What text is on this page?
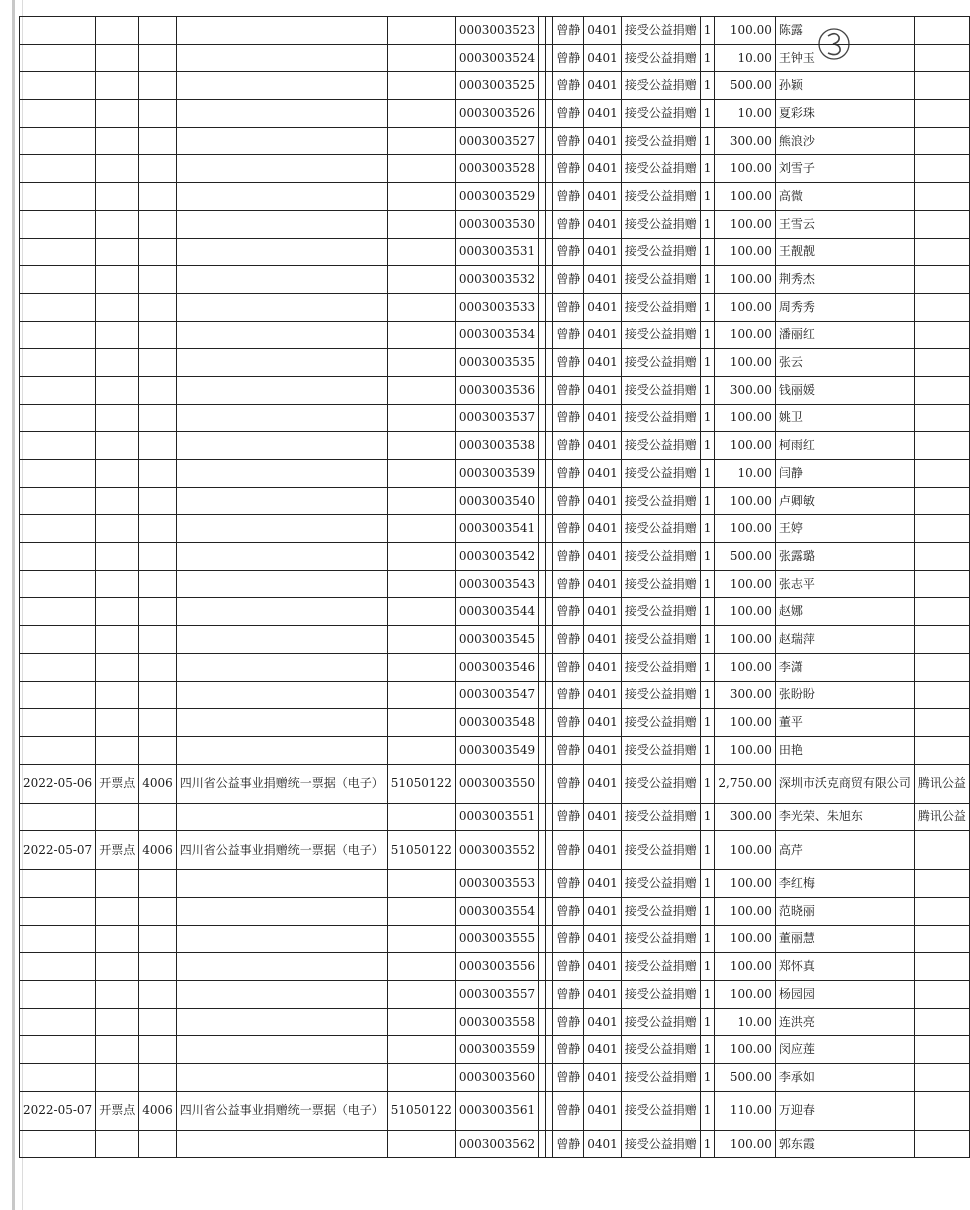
					0003003523			曾静	0401	接受公益捐赠	1	100.00	陈露	
					0003003524			曾静	0401	接受公益捐赠	1	10.00	王钟玉	
					0003003525			曾静	0401	接受公益捐赠	1	500.00	孙颖	
					0003003526			曾静	0401	接受公益捐赠	1	10.00	夏彩珠	
					0003003527			曾静	0401	接受公益捐赠	1	300.00	熊浪沙	
					0003003528			曾静	0401	接受公益捐赠	1	100.00	刘雪子	
					0003003529			曾静	0401	接受公益捐赠	1	100.00	高微	
					0003003530			曾静	0401	接受公益捐赠	1	100.00	王雪云	
					0003003531			曾静	0401	接受公益捐赠	1	100.00	王靓靓	
					0003003532			曾静	0401	接受公益捐赠	1	100.00	荆秀杰	
					0003003533			曾静	0401	接受公益捐赠	1	100.00	周秀秀	
					0003003534			曾静	0401	接受公益捐赠	1	100.00	潘丽红	
					0003003535			曾静	0401	接受公益捐赠	1	100.00	张云	
					0003003536			曾静	0401	接受公益捐赠	1	300.00	钱丽媛	
					0003003537			曾静	0401	接受公益捐赠	1	100.00	姚卫	
					0003003538			曾静	0401	接受公益捐赠	1	100.00	柯雨红	
					0003003539			曾静	0401	接受公益捐赠	1	10.00	闫静	
					0003003540			曾静	0401	接受公益捐赠	1	100.00	卢卿敏	
					0003003541			曾静	0401	接受公益捐赠	1	100.00	王婷	
					0003003542			曾静	0401	接受公益捐赠	1	500.00	张露璐	
					0003003543			曾静	0401	接受公益捐赠	1	100.00	张志平	
					0003003544			曾静	0401	接受公益捐赠	1	100.00	赵娜	
					0003003545			曾静	0401	接受公益捐赠	1	100.00	赵瑞萍	
					0003003546			曾静	0401	接受公益捐赠	1	100.00	李潇	
					0003003547			曾静	0401	接受公益捐赠	1	300.00	张盼盼	
					0003003548			曾静	0401	接受公益捐赠	1	100.00	董平	
					0003003549			曾静	0401	接受公益捐赠	1	100.00	田艳	
2022-05-06	开票点	4006	四川省公益事业捐赠统一票据（电子）	51050122	0003003550			曾静	0401	接受公益捐赠	1	2,750.00	深圳市沃克商贸有限公司	腾讯公益
					0003003551			曾静	0401	接受公益捐赠	1	300.00	李光荣、朱旭东	腾讯公益
2022-05-07	开票点	4006	四川省公益事业捐赠统一票据（电子）	51050122	0003003552			曾静	0401	接受公益捐赠	1	100.00	高芹	
					0003003553			曾静	0401	接受公益捐赠	1	100.00	李红梅	
					0003003554			曾静	0401	接受公益捐赠	1	100.00	范晓丽	
					0003003555			曾静	0401	接受公益捐赠	1	100.00	董丽慧	
					0003003556			曾静	0401	接受公益捐赠	1	100.00	郑怀真	
					0003003557			曾静	0401	接受公益捐赠	1	100.00	杨园园	
					0003003558			曾静	0401	接受公益捐赠	1	10.00	连洪亮	
					0003003559			曾静	0401	接受公益捐赠	1	100.00	闵应莲	
					0003003560			曾静	0401	接受公益捐赠	1	500.00	李承如	
2022-05-07	开票点	4006	四川省公益事业捐赠统一票据（电子）	51050122	0003003561			曾静	0401	接受公益捐赠	1	110.00	万迎春	
					0003003562			曾静	0401	接受公益捐赠	1	100.00	郭东霞	
